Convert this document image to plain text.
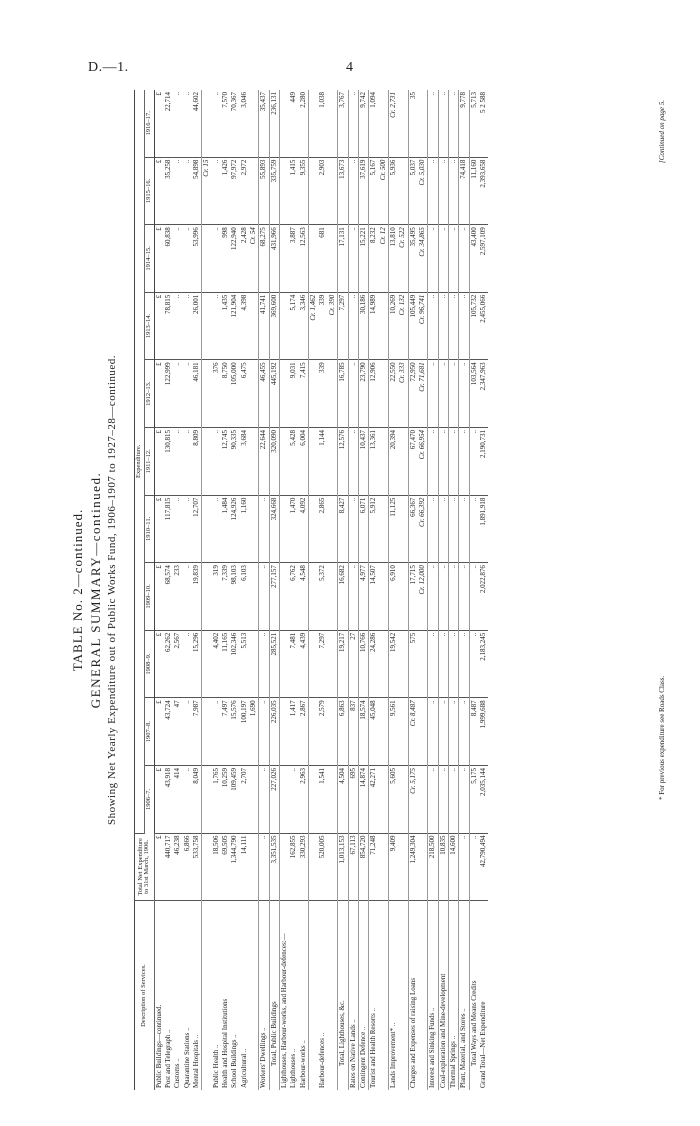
D.—1.	4
TABLE No. 2—continued. GENERAL SUMMARY—continued. Showing Net Yearly Expenditure out of Public Works Fund, 1906–1907 to 1927–28—continued.
Description of Services.	Total Net Expenditure to 31st March, 1906.	Expenditure.										
		1906–7.	1907–8.	1908–9.	1909–10.	1910–11.	1911–12.	1912–13.	1913–14.	1914–15.	1915–16.	1916–17.
Public Buildings—continued.	£	£	£	£	£	£	£	£	£	£	£	£
Post and Telegraph ..	440,717	43,918	43,724	62,262	68,574	117,815	130,815	122,999	78,815	60,838	35,258	22,714
Customs ..	46,238	414	47	2,567	233	..	..	..	..	..	..	..
Quarantine Stations ..	6,866	..	..	..	..	..	..	..	..	..	..	..
Mental Hospitals ..	533,758	8,049	7,987	15,296	19,839	12,707	8,809	46,181	26,001	53,996	54,898	44,602
											Cr. 15	
Public Health ..	18,506	1,765	..	4,402	319	..	..	376	..	..	..	..
Health and Hospital Institutions	69,505	10,259	7,497	11,165	7,339	1,484	12,745	8,750	1,435	998	1,426	7,570
School Buildings ..	1,344,790	109,459	15,576	102,346	98,103	124,926	90,335	105,000	121,904	122,940	97,972	70,367
Agricultural ..	14,111	2,707	100,197	5,513	6,103	1,160	3,684	6,475	4,398	2,428	2,972	3,046
			1,690							Cr. 54		
Workers' Dwellings ..	..	..	..	..	..	..	22,644	46,455	41,741	68,275	55,893	35,437
Total, Public Buildings	3,351,535	227,026	226,035	285,521	277,157	324,668	320,090	445,192	369,600	431,966	335,759	236,131
Lighthouses, Harbour-works, and Harbour-defences:—												
Lighthouses ..	162,855	..	1,417	7,481	6,762	1,470	5,428	9,031	5,174	3,887	1,415	449
Harbour-works ..	330,293	2,963	2,867	4,439	4,548	4,092	6,004	7,415	3,346	12,563	9,355	2,280
									Cr. 1,462			
Harbour-defences ..	520,005	1,541	2,579	7,297	5,372	2,865	1,144	339	339	681	2,903	1,038
									Cr. 390			
Total, Lighthouses, &c.	1,013,153	4,504	6,863	19,217	16,682	8,427	12,576	16,785	7,297	17,131	13,673	3,767
Rates on Native Lands ..	67,113	695	837	27	..	..	..	..	..	..	..	..
Contingent Defence ..	854,720	14,874	18,574	10,766	4,977	6,071	10,437	23,790	30,186	15,221	37,619	9,742
Tourist and Health Resorts ..	71,248	42,271	45,048	24,286	14,507	5,912	13,361	12,906	14,989	8,232	5,167	1,094
										Cr. 12	Cr. 500	
Lands Improvement* ..	9,409	5,605	9,561	19,542	6,910	11,125	20,394	22,550	10,269	13,810	5,936	Cr. 2,731
								Cr. 333	Cr. 132	Cr. 522		
Charges and Expenses of raising Loans	1,249,304	Cr. 5,175	Cr. 8,487	575	17,715	66,367	67,470	72,950	105,449	35,495	5,037	35
					Cr. 12,000	Cr. 66,392	Cr. 66,954	Cr. 71,681	Cr. 96,741	Cr. 34,865	Cr. 5,030	
Interest and Sinking Funds ..	218,500	..	..	..	..	..	..	..	..	..	..	..
Coal-exploration and Mine-development	10,835	..	..	..	..	..	..	..	..	..	..	..
Thermal Springs ..	14,600	..	..	..	..	..	..	..	..	..	..	..
Plant, Material, and Stores ..	..	..	..	..	..	..	..	..	..	..	74,418	9,778
Total Ways and Means Credits	..	5,175	8,487	..	..	..	..	103,564	105,732	43,400	11,160	5,713
Grand Total—Net Expenditure	42,790,494	2,035,144	1,999,688	2,183,245	2,022,876	1,891,918	2,190,731	2,347,963	2,455,066	2,597,109	2,393,658	5 2 588
* For previous expenditure see Roads Class.
[Continued on page 5.
